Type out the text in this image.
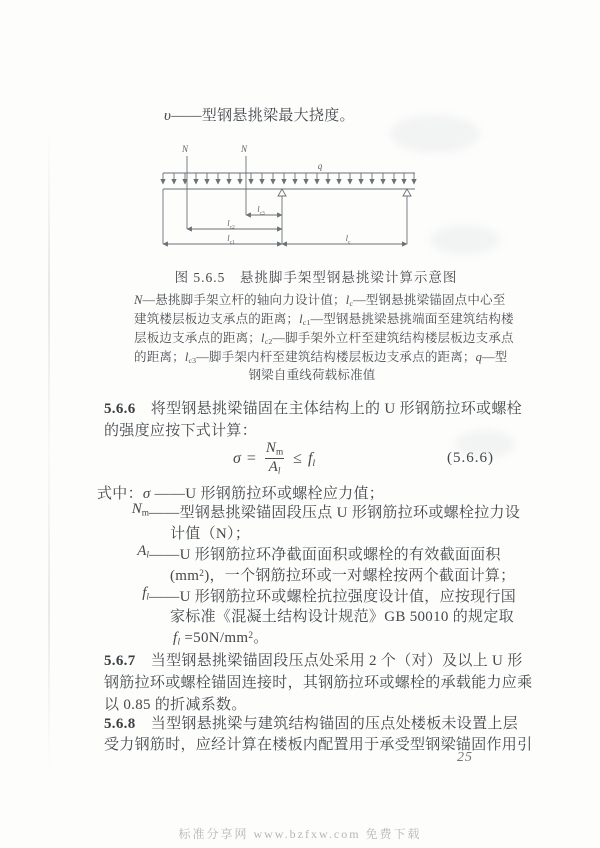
υ——型钢悬挑梁最大挠度。
N	N
q
$l_{c3}$
$l_{c2}$
$l_{c1}$	$l_c$
图 5.6.5　悬挑脚手架型钢悬挑梁计算示意图
N—悬挑脚手架立杆的轴向力设计值；$l_c—$型钢悬挑梁锚固点中心至
建筑楼层板边支承点的距离；$l_{c1}—$型钢悬挑梁悬挑端面至建筑结构楼
层板边支承点的距离；$l_{c2}—$脚手架外立杆至建筑结构楼层板边支承点
的距离；$l_{c3}—$脚手架内杆至建筑结构楼层板边支承点的距离；q—型
钢梁自重线荷载标准值
5.6.6　将型钢悬挑梁锚固在主体结构上的 U 形钢筋拉环或螺栓
的强度应按下式计算：
$\sigma = \frac{N_m}{A_l} \le f_l$	(5.6.6)
式中：σ ——U 形钢筋拉环或螺栓应力值；
$N_m$ ——型钢悬挑梁锚固段压点 U 形钢筋拉环或螺栓拉力设
计值（N）；
$A_l$ ——U 形钢筋拉环净截面面积或螺栓的有效截面面积
$(mm^2)$，一个钢筋拉环或一对螺栓按两个截面计算；
$f_l$ ——U 形钢筋拉环或螺栓抗拉强度设计值，应按现行国
家标准《混凝土结构设计规范》GB 50010 的规定取
$f_l =50N/mm^2$。
5.6.7　当型钢悬挑梁锚固段压点处采用 2 个（对）及以上 U 形
钢筋拉环或螺栓锚固连接时，其钢筋拉环或螺栓的承载能力应乘
以 0.85 的折减系数。
5.6.8　当型钢悬挑梁与建筑结构锚固的压点处楼板未设置上层
受力钢筋时，应经计算在楼板内配置用于承受型钢梁锚固作用引
25
标准分享网 www.bzfxw.com 免费下载
